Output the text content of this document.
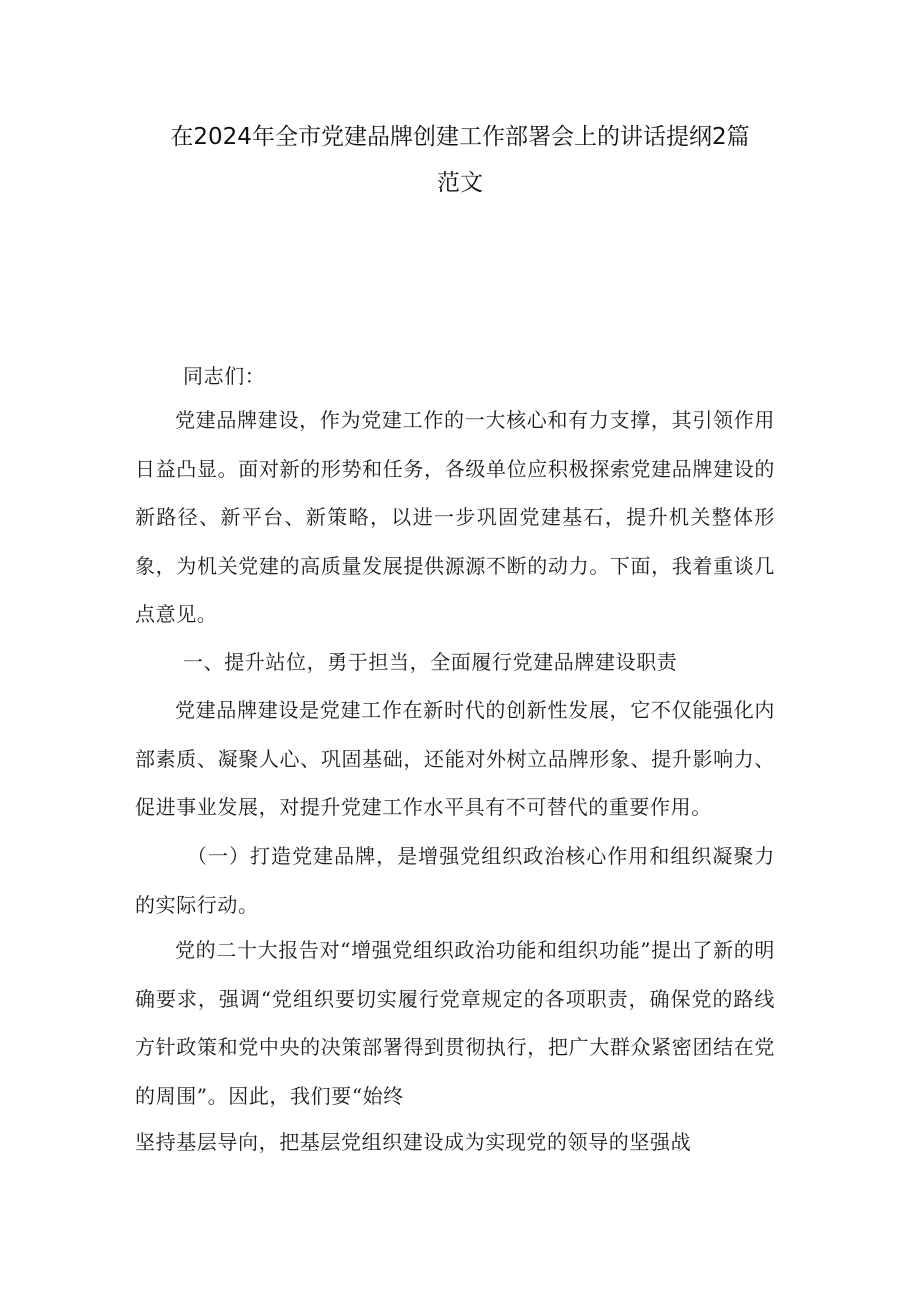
在2024年全市党建品牌创建工作部署会上的讲话提纲2篇
范文

同志们：

党建品牌建设，作为党建工作的一大核心和有力支撑，其引领作用日益凸显。面对新的形势和任务，各级单位应积极探索党建品牌建设的新路径、新平台、新策略，以进一步巩固党建基石，提升机关整体形象，为机关党建的高质量发展提供源源不断的动力。下面，我着重谈几点意见。

一、提升站位，勇于担当，全面履行党建品牌建设职责

党建品牌建设是党建工作在新时代的创新性发展，它不仅能强化内部素质、凝聚人心、巩固基础，还能对外树立品牌形象、提升影响力、促进事业发展，对提升党建工作水平具有不可替代的重要作用。

（一）打造党建品牌，是增强党组织政治核心作用和组织凝聚力的实际行动。

党的二十大报告对“增强党组织政治功能和组织功能”提出了新的明确要求，强调“党组织要切实履行党章规定的各项职责，确保党的路线方针政策和党中央的决策部署得到贯彻执行，把广大群众紧密团结在党的周围”。因此，我们要“始终

坚持基层导向，把基层党组织建设成为实现党的领导的坚强战
